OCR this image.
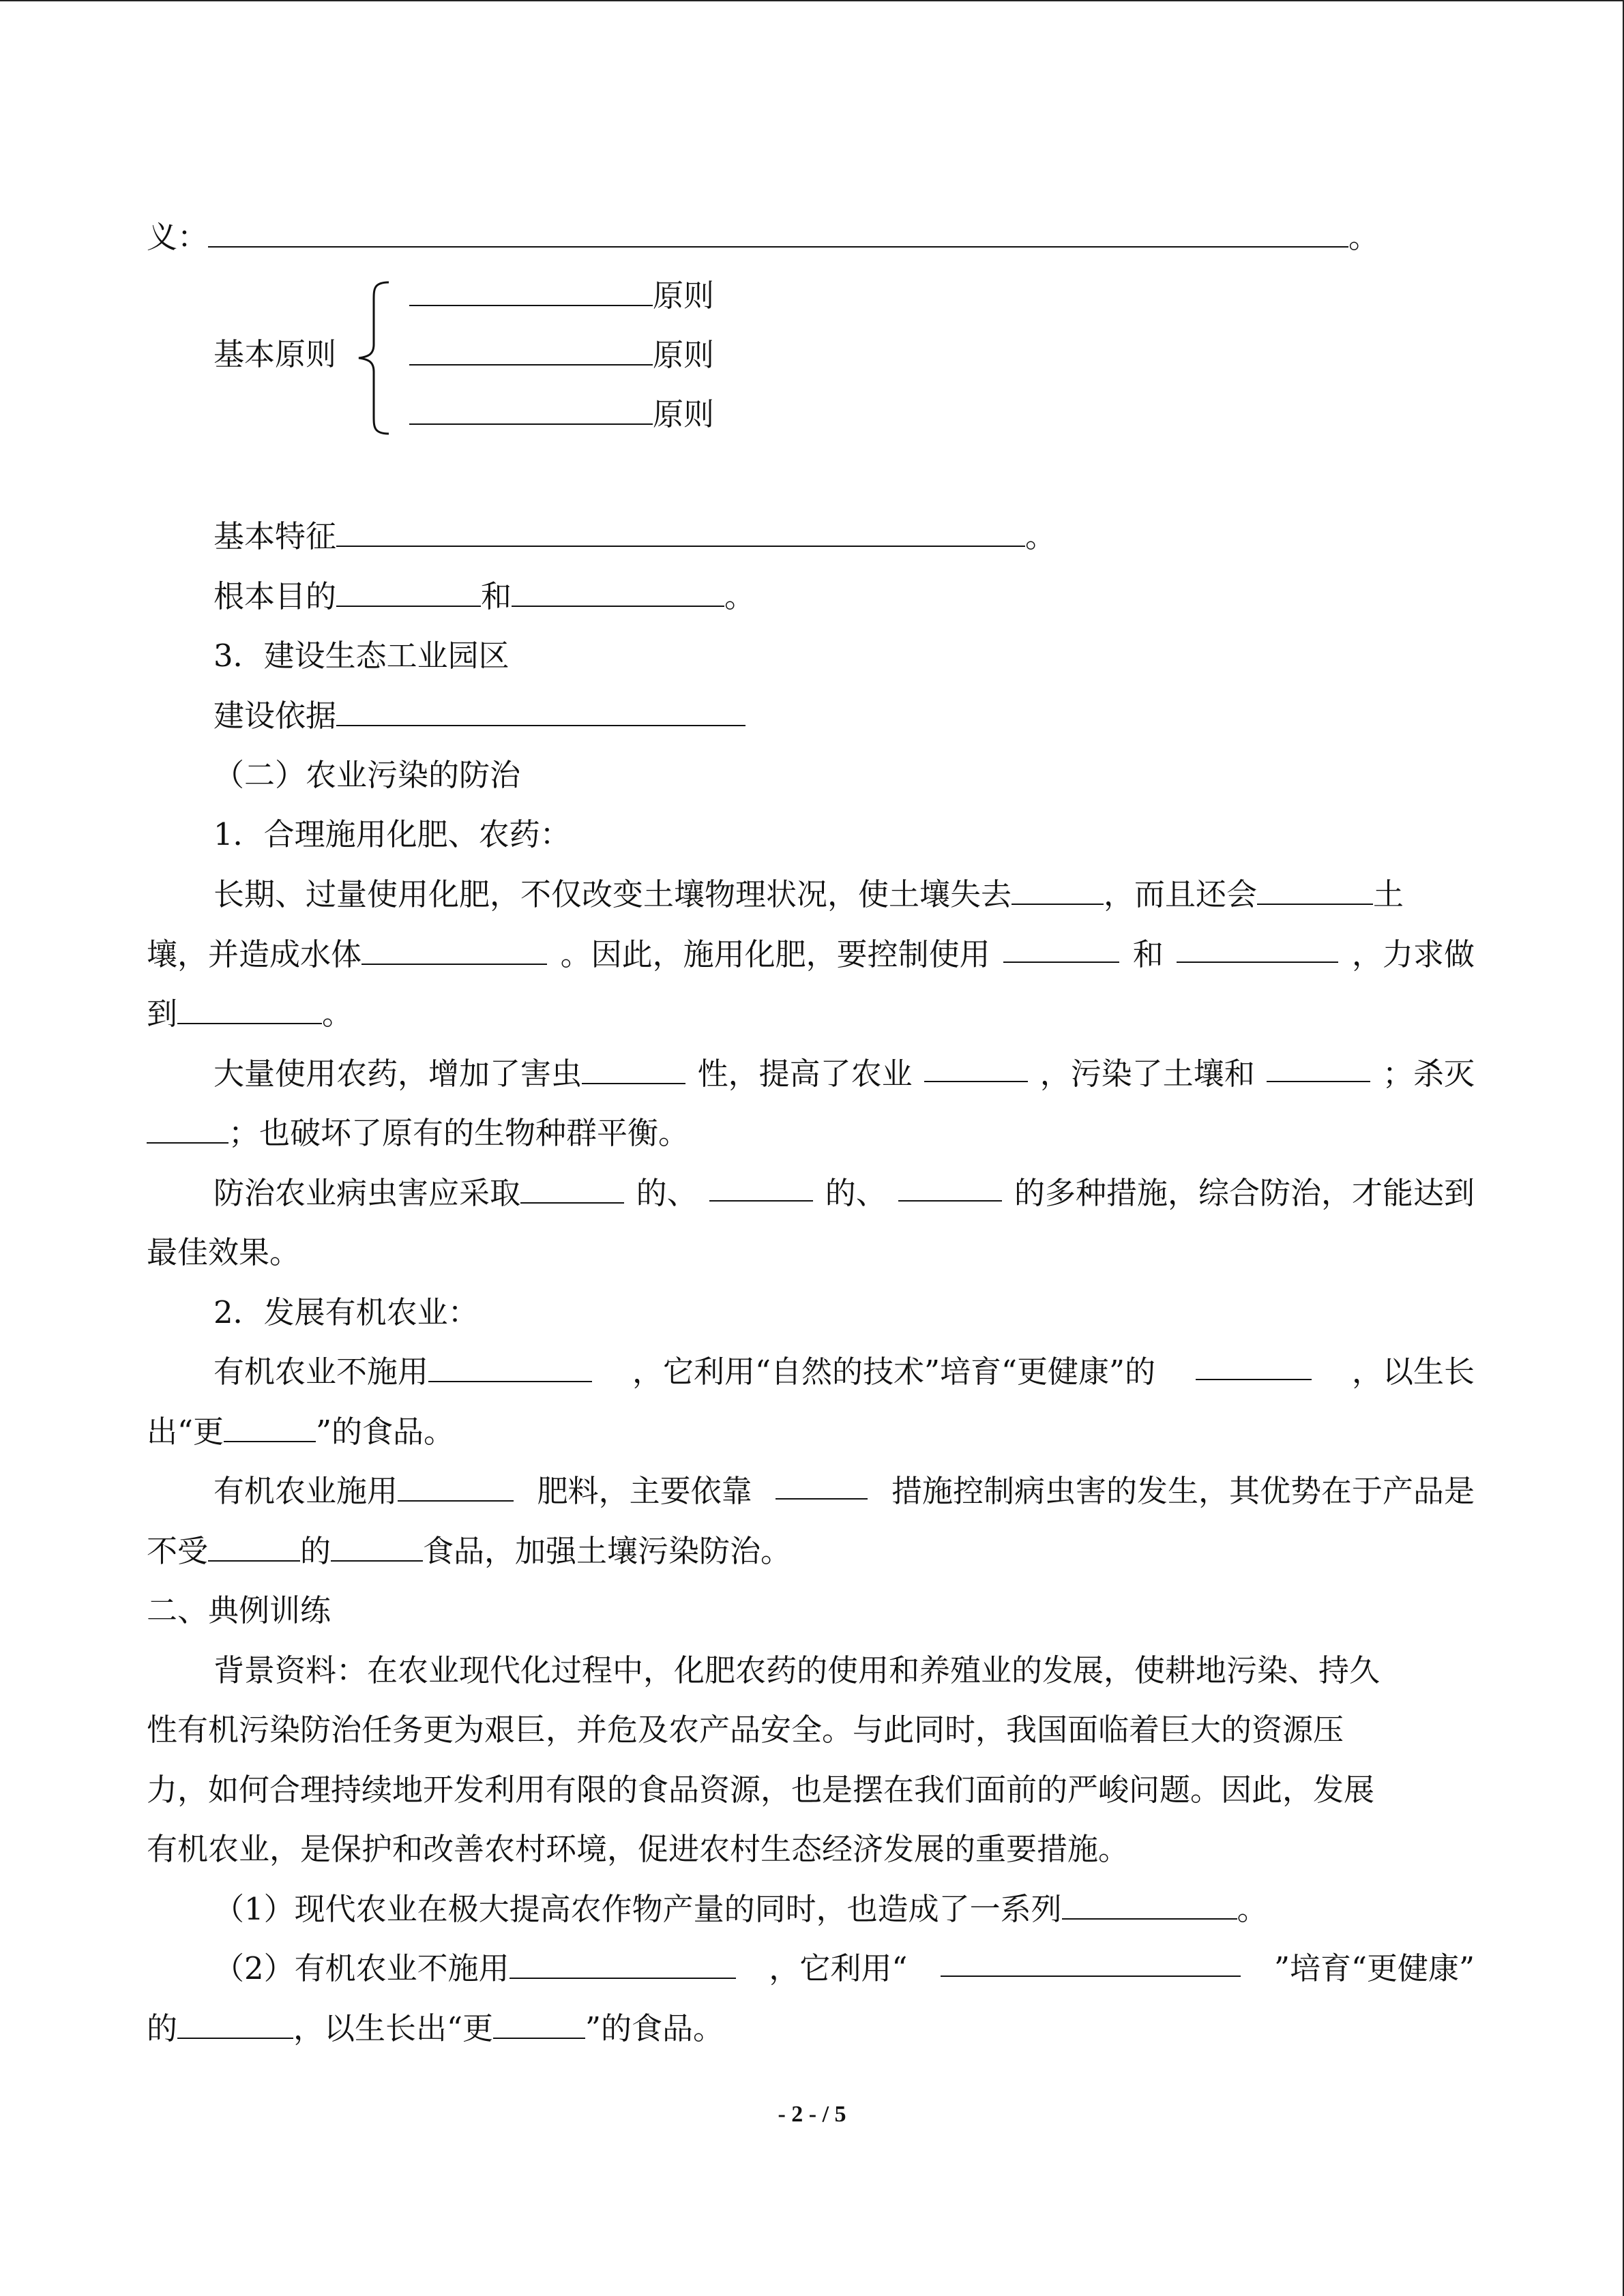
义：	。
基本原则
原则
原则
原则
基本特征	。
根本目的	和	。
3．建设生态工业园区
建设依据
（二）农业污染的防治
1．合理施用化肥、农药：
长期、过量使用化肥，不仅改变土壤物理状况，使土壤失去	，而且还会	土
壤，并造成水体	。因此，施用化肥，要控制使用	和	，力求做
到	。
大量使用农药，增加了害虫	性，提高了农业	，污染了土壤和	；杀灭
；也破坏了原有的生物种群平衡。
防治农业病虫害应采取	的、	的、	的多种措施，综合防治，才能达到
最佳效果。
2．发展有机农业：
有机农业不施用	，它利用“自然的技术”培育“更健康”的	，以生长
出“更	”的食品。
有机农业施用	肥料，主要依靠	措施控制病虫害的发生，其优势在于产品是
不受	的	食品，加强土壤污染防治。
二、典例训练
背景资料：在农业现代化过程中，化肥农药的使用和养殖业的发展，使耕地污染、持久
性有机污染防治任务更为艰巨，并危及农产品安全。与此同时，我国面临着巨大的资源压
力，如何合理持续地开发利用有限的食品资源，也是摆在我们面前的严峻问题。因此，发展
有机农业，是保护和改善农村环境，促进农村生态经济发展的重要措施。
（1）现代农业在极大提高农作物产量的同时，也造成了一系列	。
（2）有机农业不施用	，它利用“	”培育“更健康”
的	，以生长出“更	”的食品。
- 2 - / 5
